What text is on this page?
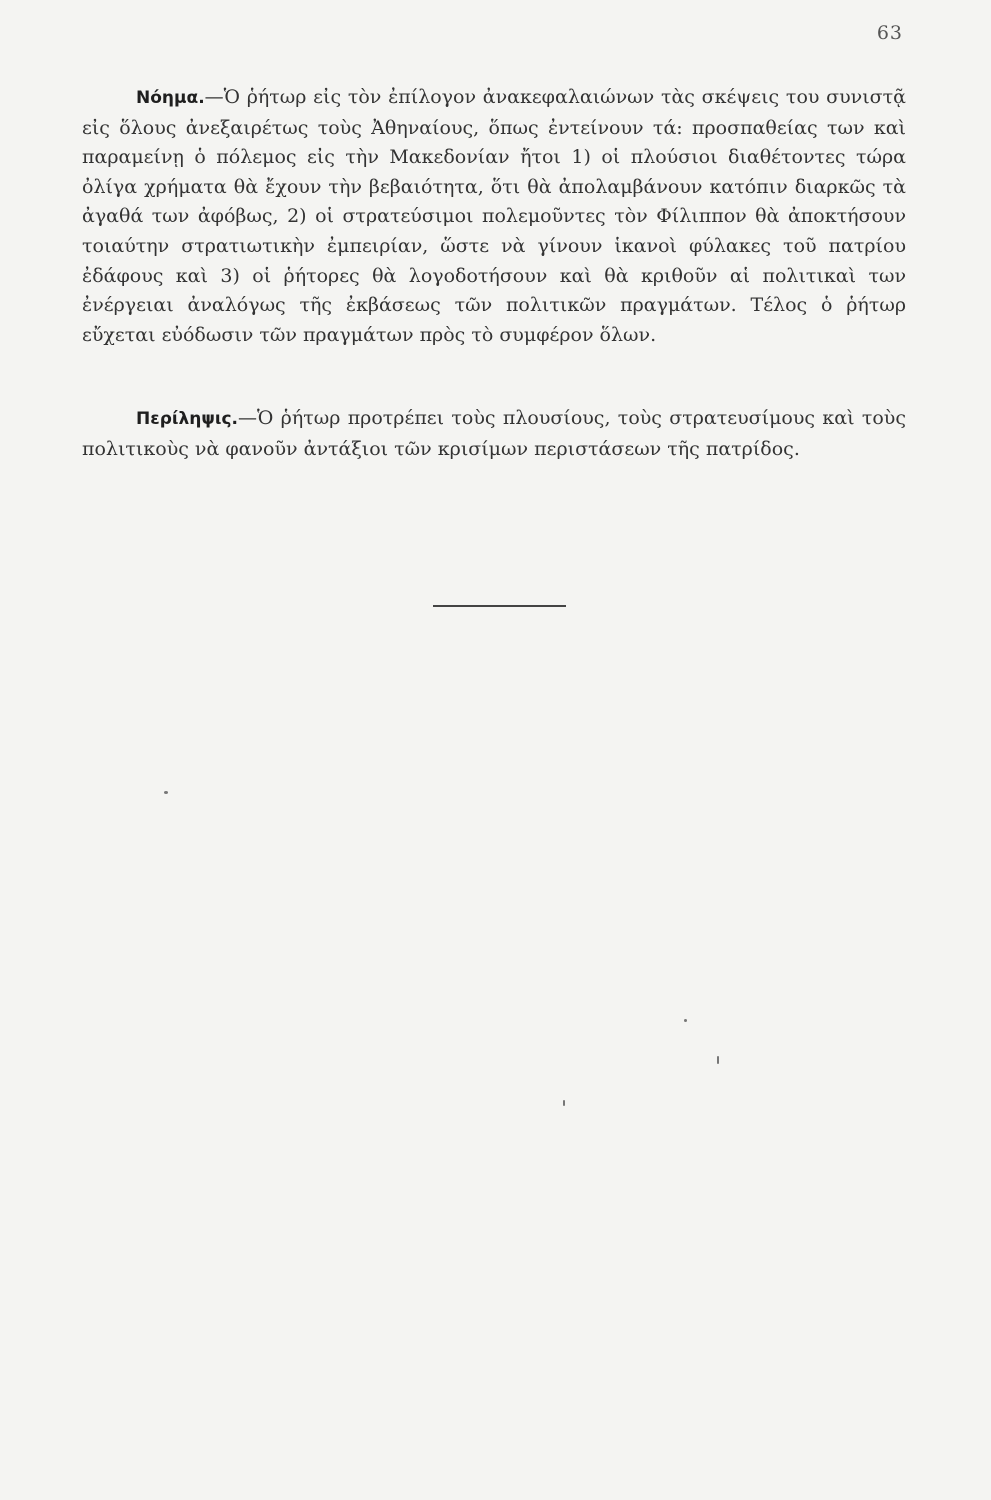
63
Νόημα.—Ὁ ῥήτωρ εἰς τὸν ἐπίλογον ἀνακεφαλαιώνων τὰς σκέψεις του συνιστᾷ εἰς ὅλους ἀνεξαιρέτως τοὺς Ἀθηναίους, ὅπως ἐντείνουν τά: προσπαθείας των καὶ παραμείνῃ ὁ πόλεμος εἰς τὴν Μακεδονίαν ἤτοι 1) οἱ πλούσιοι διαθέτοντες τώρα ὀλίγα χρήματα θὰ ἔχουν τὴν βεβαιότητα, ὅτι θὰ ἀπολαμβάνουν κατόπιν διαρκῶς τὰ ἀγαθά των ἀφόβως, 2) οἱ στρατεύσιμοι πολεμοῦντες τὸν Φίλιππον θὰ ἀποκτήσουν τοιαύτην στρατιωτικὴν ἐμπειρίαν, ὥστε νὰ γίνουν ἱκανοὶ φύλακες τοῦ πατρίου ἐδάφους καὶ 3) οἱ ῥήτορες θὰ λογοδοτήσουν καὶ θὰ κριθοῦν αἱ πολιτικαὶ των ἐνέργειαι ἀναλόγως τῆς ἐκβάσεως τῶν πολιτικῶν πραγμάτων. Τέλος ὁ ῥήτωρ εὔχεται εὐόδωσιν τῶν πραγμάτων πρὸς τὸ συμφέρον ὅλων.
Περίληψις.—Ὁ ῥήτωρ προτρέπει τοὺς πλουσίους, τοὺς στρατευσίμους καὶ τοὺς πολιτικοὺς νὰ φανοῦν ἀντάξιοι τῶν κρισίμων περιστάσεων τῆς πατρίδος.
